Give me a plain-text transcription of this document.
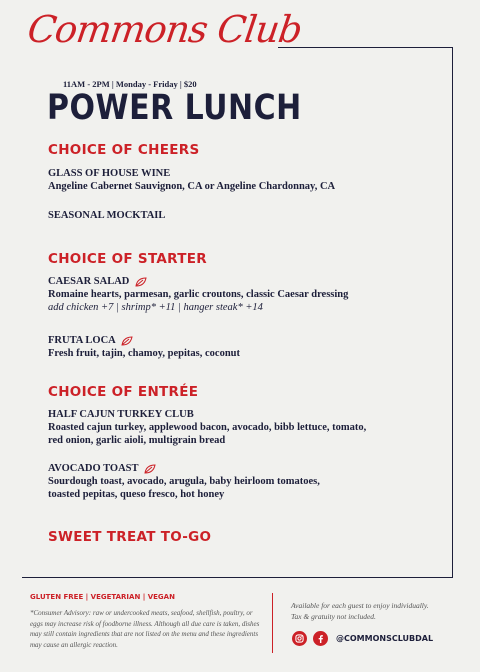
Commons Club
11AM - 2PM | Monday - Friday | $20
POWER LUNCH
CHOICE OF CHEERS
GLASS OF HOUSE WINE
Angeline Cabernet Sauvignon, CA or Angeline Chardonnay, CA
SEASONAL MOCKTAIL
CHOICE OF STARTER
CAESAR SALAD
Romaine hearts, parmesan, garlic croutons, classic Caesar dressing
add chicken +7 | shrimp* +11 | hanger steak* +14
FRUTA LOCA
Fresh fruit, tajin, chamoy, pepitas, coconut
CHOICE OF ENTRÉE
HALF CAJUN TURKEY CLUB
Roasted cajun turkey, applewood bacon, avocado, bibb lettuce, tomato,
red onion, garlic aioli, multigrain bread
AVOCADO TOAST
Sourdough toast, avocado, arugula, baby heirloom tomatoes,
toasted pepitas, queso fresco, hot honey
SWEET TREAT TO-GO
GLUTEN FREE | VEGETARIAN | VEGAN
*Consumer Advisory: raw or undercooked meats, seafood, shellfish, poultry, or eggs may increase risk of foodborne illness. Although all due care is taken, dishes may still contain ingredients that are not listed on the menu and these ingredients may cause an allergic reaction.
Available for each guest to enjoy individually.
Tax & gratuity not included.
@COMMONSCLUBDAL
